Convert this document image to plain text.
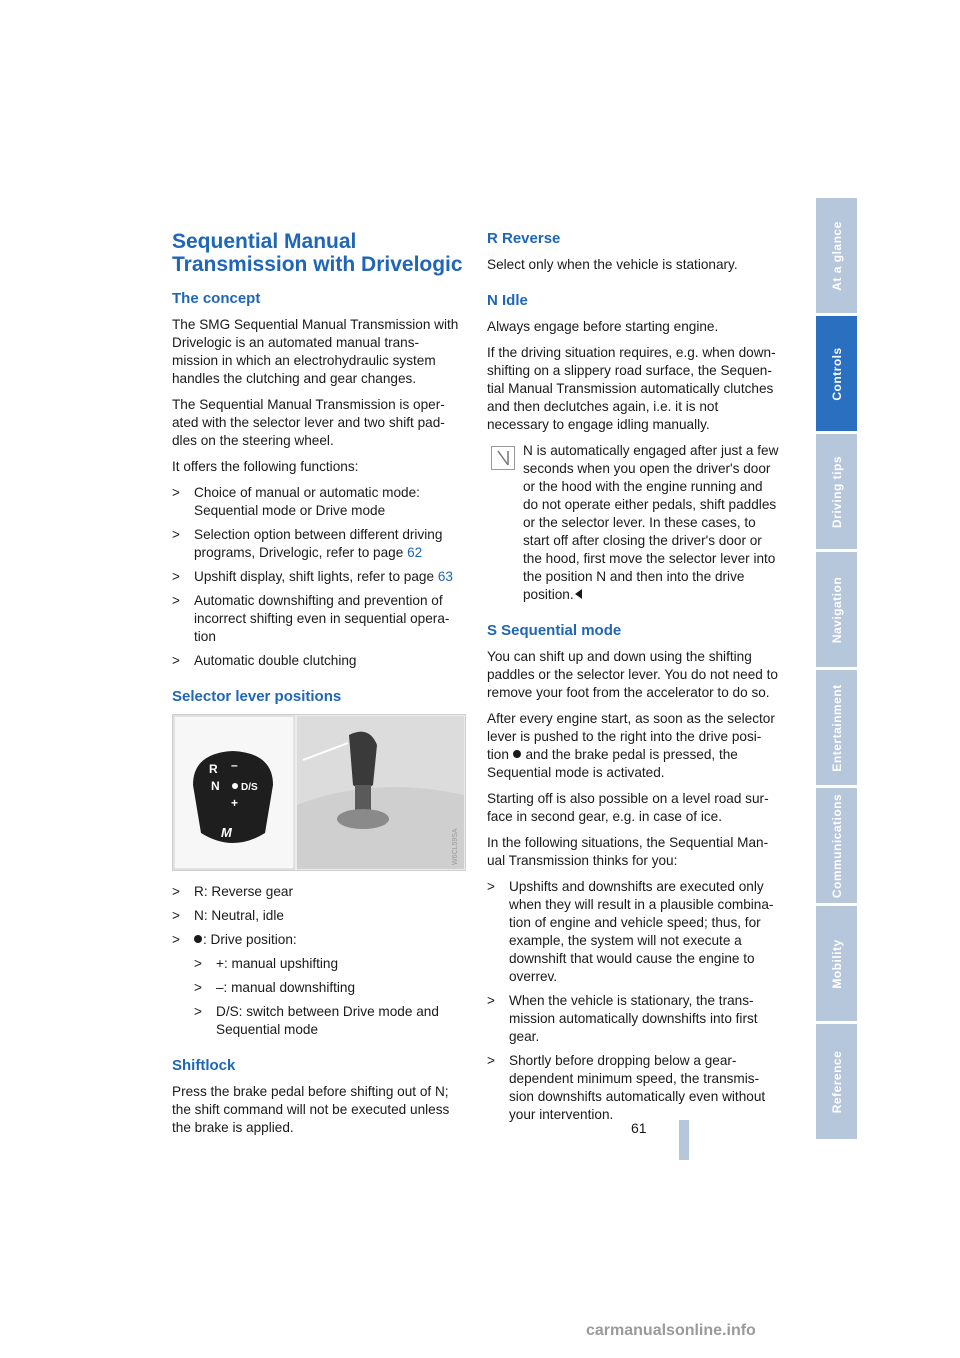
Sequential Manual Transmission with Drivelogic
The concept

The SMG Sequential Manual Transmission with Drivelogic is an automated manual trans-mission in which an electrohydraulic system handles the clutching and gear changes.

The Sequential Manual Transmission is oper-ated with the selector lever and two shift pad-dles on the steering wheel.

It offers the following functions:

> Choice of manual or automatic mode: Sequential mode or Drive mode
> Selection option between different driving programs, Drivelogic, refer to page 62
> Upshift display, shift lights, refer to page 63
> Automatic downshifting and prevention of incorrect shifting even in sequential opera-tion
> Automatic double clutching
Selector lever positions
R
N
–
+
D/S
M	W6CL59SA
> R: Reverse gear
> N: Neutral, idle
> : Drive position:
> +: manual upshifting
> –: manual downshifting
> D/S: switch between Drive mode and Sequential mode
Shiftlock

Press the brake pedal before shifting out of N; the shift command will not be executed unless the brake is applied.

R Reverse

Select only when the vehicle is stationary.

N Idle

Always engage before starting engine.

If the driving situation requires, e.g. when down-shifting on a slippery road surface, the Sequen-tial Manual Transmission automatically clutches and then declutches again, i.e. it is not necessary to engage idling manually.

N is automatically engaged after just a few seconds when you open the driver's door or the hood with the engine running and do not operate either pedals, shift paddles or the selector lever. In these cases, to start off after closing the driver's door or the hood, first move the selector lever into the position N and then into the drive position.

S Sequential mode

You can shift up and down using the shifting paddles or the selector lever. You do not need to remove your foot from the accelerator to do so.

After every engine start, as soon as the selector lever is pushed to the right into the drive posi-tion  and the brake pedal is pressed, the Sequential mode is activated.

Starting off is also possible on a level road sur-face in second gear, e.g. in case of ice.

In the following situations, the Sequential Man-ual Transmission thinks for you:

> Upshifts and downshifts are executed only when they will result in a plausible combina-tion of engine and vehicle speed; thus, for example, the system will not execute a downshift that would cause the engine to overrev.
> When the vehicle is stationary, the trans-mission automatically downshifts into first gear.
> Shortly before dropping below a gear-dependent minimum speed, the transmis-sion downshifts automatically even without your intervention.
At a glance
Controls
Driving tips
Navigation
Entertainment
Communications
Mobility
Reference
61
carmanualsonline.info
